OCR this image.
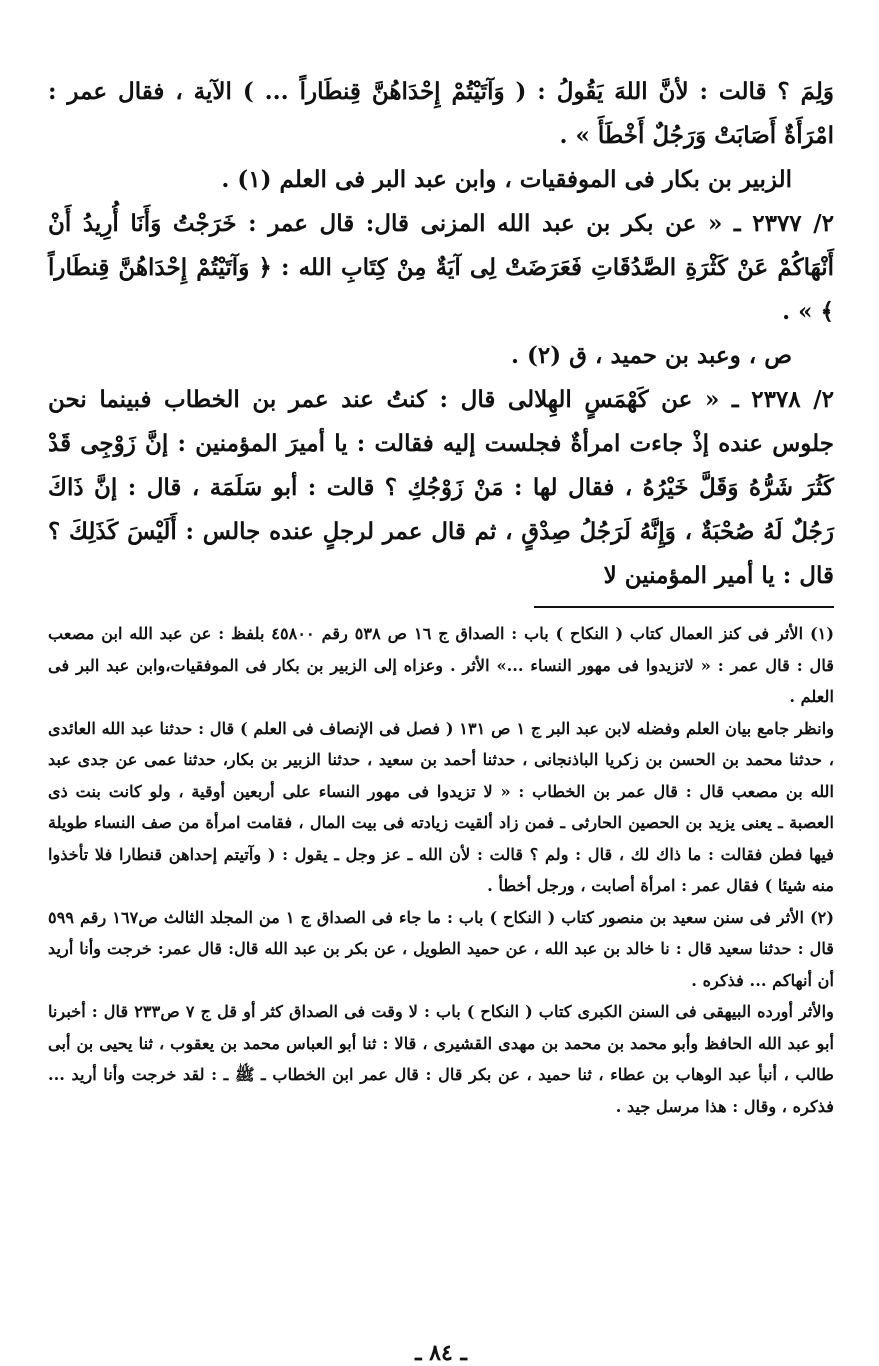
وَلِمَ ؟ قالت : لأنَّ اللهَ يَقُولُ : ( وَآتَيْتُمْ إِحْدَاهُنَّ قِنطَاراً ... ) الآية ، فقال عمر : امْرَأَةٌ أَصَابَتْ وَرَجُلٌ أَخْطَأَ » .

الزبير بن بكار فى الموفقيات ، وابن عبد البر فى العلم (١) .

٢/ ٢٣٧٧ ـ « عن بكر بن عبد الله المزنى قال: قال عمر : خَرَجْتُ وَأَنَا أُرِيدُ أَنْ أَنْهَاكُمْ عَنْ كَثْرَةِ الصَّدُقَاتِ فَعَرَضَتْ لِى آيَةٌ مِنْ كِتَابِ الله : ﴿ وَآتَيْتُمْ إِحْدَاهُنَّ قِنطَاراً ﴾ » .

ص ، وعبد بن حميد ، ق (٢) .

٢/ ٢٣٧٨ ـ « عن كَهْمَسٍ الهِلالى قال : كنتُ عند عمر بن الخطاب فبينما نحن جلوس عنده إذْ جاءت امرأةٌ فجلست إليه فقالت : يا أميرَ المؤمنين : إنَّ زَوْجِى قَدْ كَثُرَ شَرُّهُ وَقَلَّ خَيْرُهُ ، فقال لها : مَنْ زَوْجُكِ ؟ قالت : أبو سَلَمَة ، قال : إنَّ ذَاكَ رَجُلٌ لَهُ صُحْبَةٌ ، وَإِنَّهُ لَرَجُلُ صِدْقٍ ، ثم قال عمر لرجلٍ عنده جالس : أَلَيْسَ كَذَلِكَ ؟ قال : يا أمير المؤمنين لا

(١) الأثر فى كنز العمال كتاب ( النكاح ) باب : الصداق ج ١٦ ص ٥٣٨ رقم ٤٥٨٠٠ بلفظ : عن عبد الله ابن مصعب قال : قال عمر : « لاتزيدوا فى مهور النساء ...» الأثر . وعزاه إلى الزبير بن بكار فى الموفقيات،وابن عبد البر فى العلم .

وانظر جامع بيان العلم وفضله لابن عبد البر ج ١ ص ١٣١ ( فصل فى الإنصاف فى العلم ) قال : حدثنا عبد الله العائدى ، حدثنا محمد بن الحسن بن زكريا الباذنجانى ، حدثنا أحمد بن سعيد ، حدثنا الزبير بن بكار، حدثنا عمى عن جدى عبد الله بن مصعب قال : قال عمر بن الخطاب : « لا تزيدوا فى مهور النساء على أربعين أوقية ، ولو كانت بنت ذى العصبة ـ يعنى يزيد بن الحصين الحارثى ـ فمن زاد ألقيت زيادته فى بيت المال ، فقامت امرأة من صف النساء طويلة فيها فطن فقالت : ما ذاك لك ، قال : ولم ؟ قالت : لأن الله ـ عز وجل ـ يقول : ( وآتيتم إحداهن قنطارا فلا تأخذوا منه شيئا ) فقال عمر : امرأة أصابت ، ورجل أخطأ .

(٢) الأثر فى سنن سعيد بن منصور كتاب ( النكاح ) باب : ما جاء فى الصداق ج ١ من المجلد الثالث ص١٦٧ رقم ٥٩٩ قال : حدثنا سعيد قال : نا خالد بن عبد الله ، عن حميد الطويل ، عن بكر بن عبد الله قال: قال عمر: خرجت وأنا أريد أن أنهاكم ... فذكره .

والأثر أورده البيهقى فى السنن الكبرى كتاب ( النكاح ) باب : لا وقت فى الصداق كثر أو قل ج ٧ ص٢٣٣ قال : أخبرنا أبو عبد الله الحافظ وأبو محمد بن محمد بن مهدى القشيرى ، قالا : ثنا أبو العباس محمد بن يعقوب ، ثنا يحيى بن أبى طالب ، أنبأ عبد الوهاب بن عطاء ، ثنا حميد ، عن بكر قال : قال عمر ابن الخطاب ـ ﷺ ـ : لقد خرجت وأنا أريد ... فذكره ، وقال : هذا مرسل جيد .

ـ ٨٤ ـ
